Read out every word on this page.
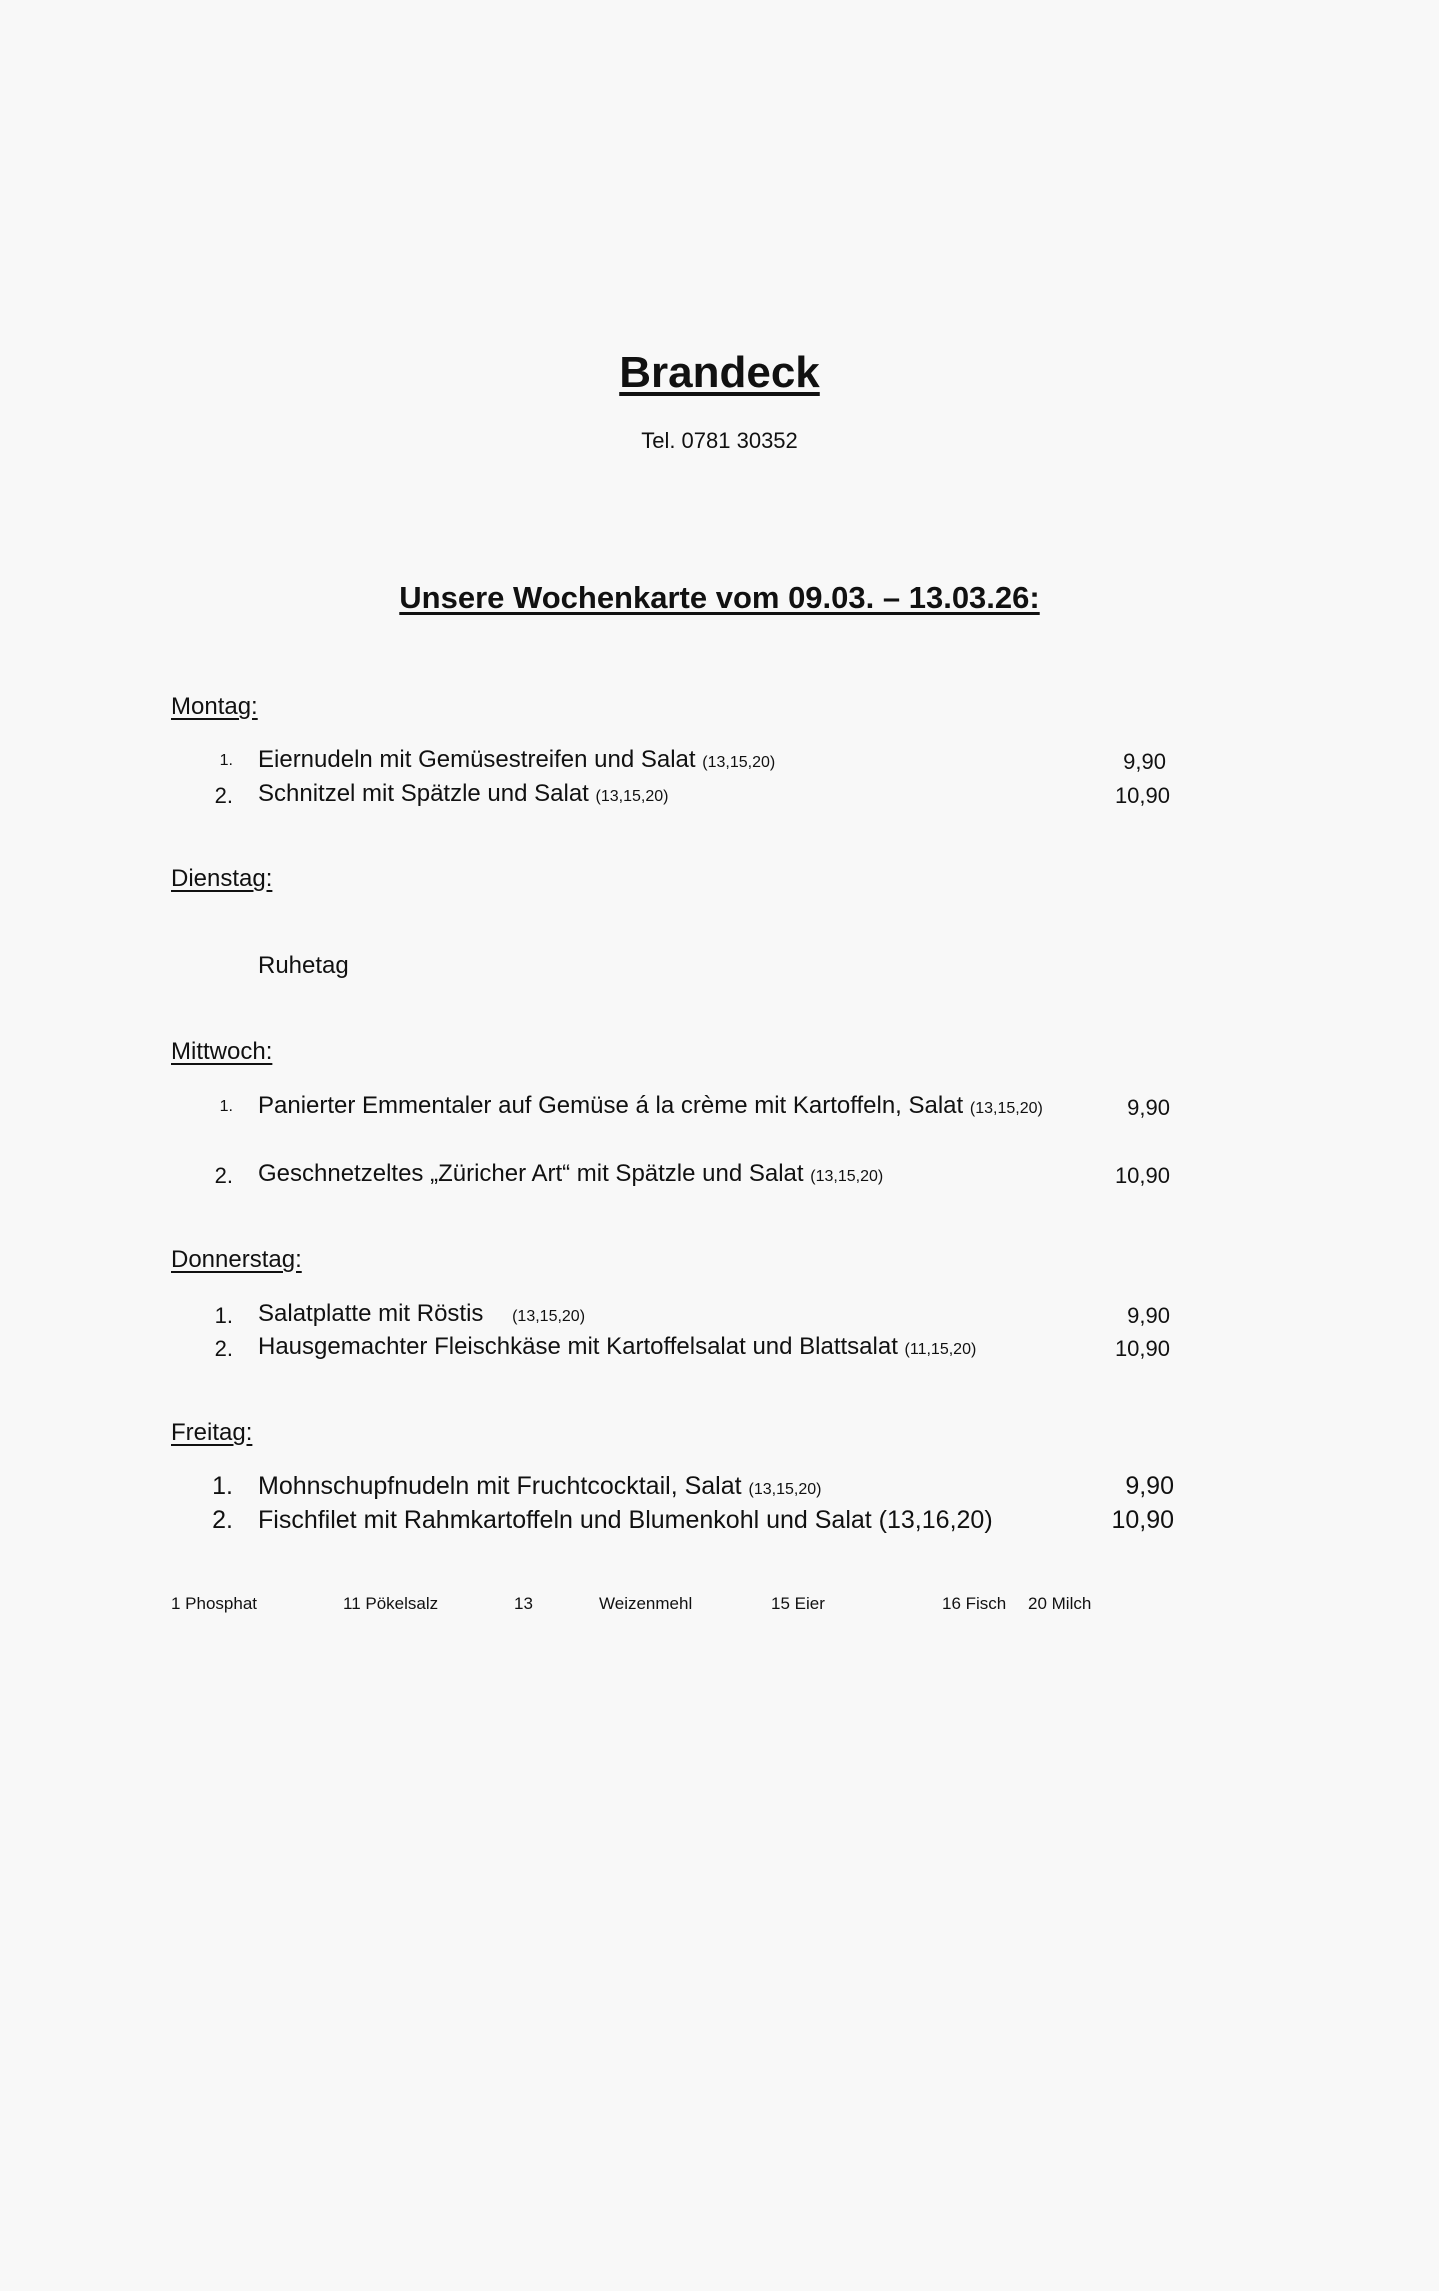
Brandeck
Tel. 0781 30352
Unsere Wochenkarte vom 09.03. – 13.03.26:
Montag:
1. Eiernudeln mit Gemüsestreifen und Salat (13,15,20)	9,90
2. Schnitzel mit Spätzle und Salat (13,15,20)	10,90
Dienstag:
Ruhetag
Mittwoch:
1. Panierter Emmentaler auf Gemüse á la crème mit Kartoffeln, Salat (13,15,20)	9,90
2. Geschnetzeltes „Züricher Art“ mit Spätzle und Salat (13,15,20)	10,90
Donnerstag:
1. Salatplatte mit Röstis (13,15,20)	9,90
2. Hausgemachter Fleischkäse mit Kartoffelsalat und Blattsalat (11,15,20)	10,90
Freitag:
1. Mohnschupfnudeln mit Fruchtcocktail, Salat (13,15,20)	9,90
2. Fischfilet mit Rahmkartoffeln und Blumenkohl und Salat (13,16,20)	10,90
1 Phosphat	11 Pökelsalz	13	Weizenmehl	15 Eier	16 Fisch 20 Milch
